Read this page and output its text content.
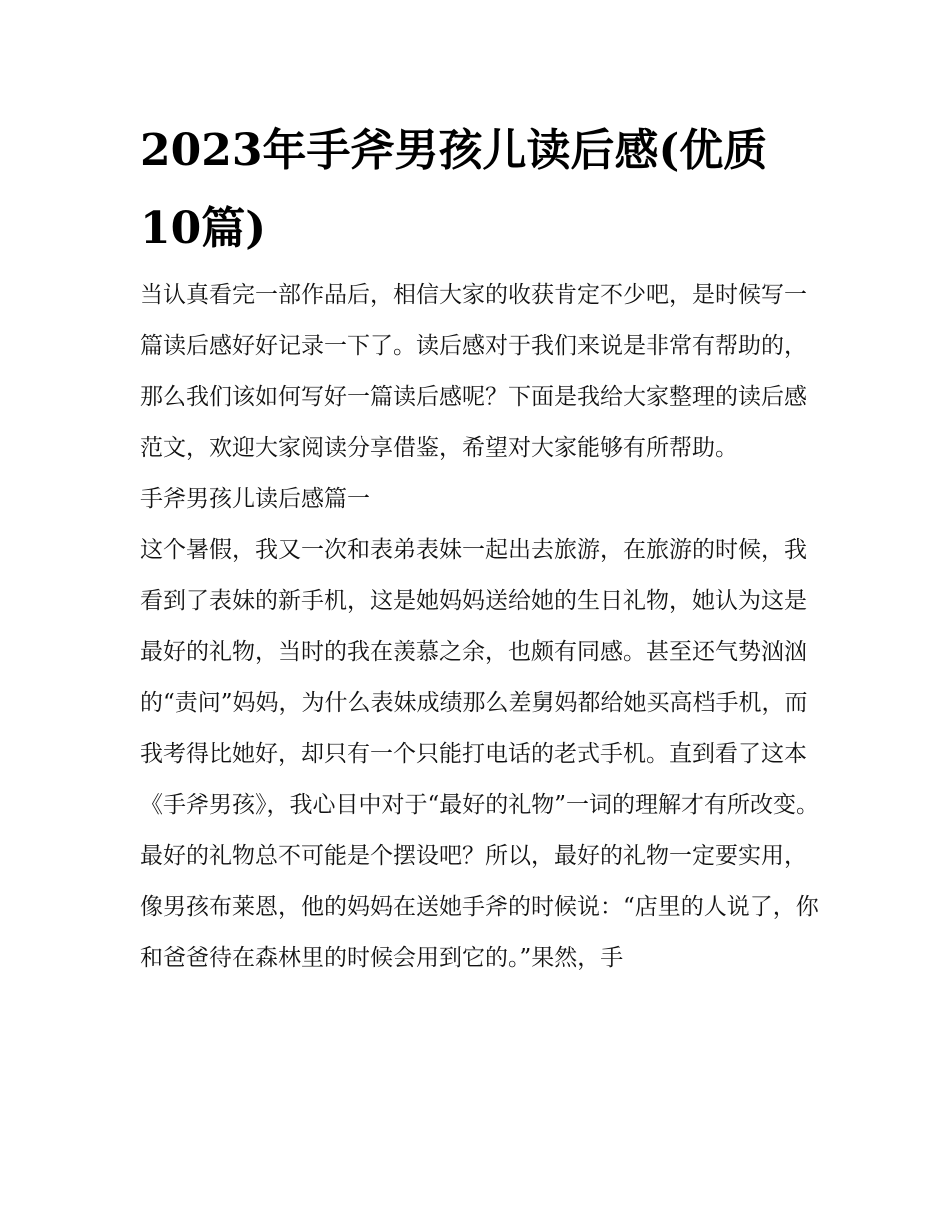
2023年手斧男孩儿读后感(优质10篇)

当认真看完一部作品后，相信大家的收获肯定不少吧，是时候写一篇读后感好好记录一下了。读后感对于我们来说是非常有帮助的，那么我们该如何写好一篇读后感呢？下面是我给大家整理的读后感范文，欢迎大家阅读分享借鉴，希望对大家能够有所帮助。

手斧男孩儿读后感篇一

这个暑假，我又一次和表弟表妹一起出去旅游，在旅游的时候，我看到了表妹的新手机，这是她妈妈送给她的生日礼物，她认为这是最好的礼物，当时的我在羡慕之余，也颇有同感。甚至还气势汹汹的“责问”妈妈，为什么表妹成绩那么差舅妈都给她买高档手机，而我考得比她好，却只有一个只能打电话的老式手机。直到看了这本《手斧男孩》，我心目中对于“最好的礼物”一词的理解才有所改变。

最好的礼物总不可能是个摆设吧？所以，最好的礼物一定要实用，像男孩布莱恩，他的妈妈在送她手斧的时候说：“店里的人说了，你和爸爸待在森林里的时候会用到它的。”果然，手
